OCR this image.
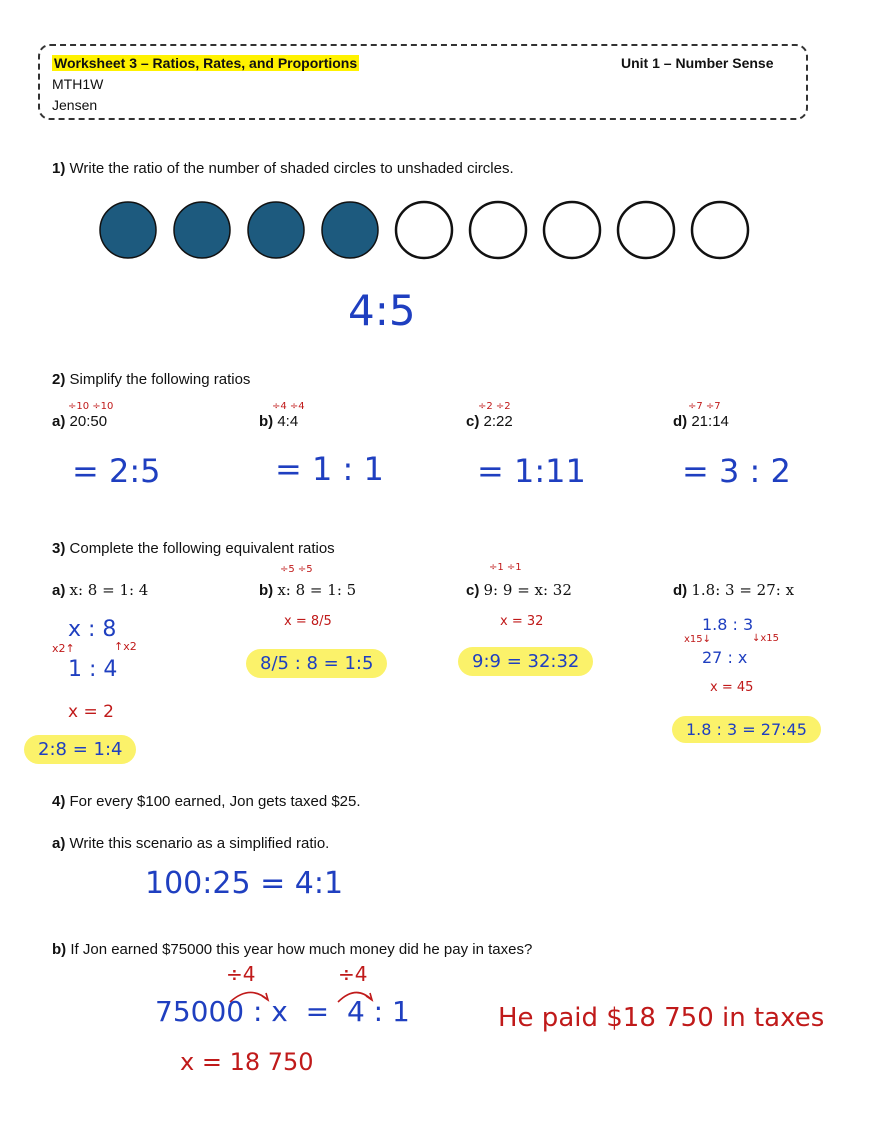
Worksheet 3 – Ratios, Rates, and Proportions
MTH1W
Jensen
Unit 1 – Number Sense
1) Write the ratio of the number of shaded circles to unshaded circles.
4:5
2) Simplify the following ratios
÷10 ÷10
a) 20:50
= 2:5
÷4 ÷4
b) 4:4
= 1 : 1
÷2 ÷2
c) 2:22
= 1:11
÷7 ÷7
d) 21:14
= 3 : 2
3) Complete the following equivalent ratios
a) x: 8 = 1: 4
÷5 ÷5
b) x: 8 = 1: 5
÷1 ÷1
c) 9: 9 = x: 32	d) 1.8: 3 = 27: x
x : 8
x2↑	↑x2
1 : 4
x = 2
2:8 = 1:4
x = 8/5
8/5 : 8 = 1:5
x = 32
9:9 = 32:32
1.8 : 3
x15↓	↓x15
27 : x
x = 45
1.8 : 3 = 27:45
4) For every $100 earned, Jon gets taxed $25.
a) Write this scenario as a simplified ratio.
100:25 = 4:1
b) If Jon earned $75000 this year how much money did he pay in taxes?
÷4	÷4
75000 : x  =  4 : 1
x = 18 750
He paid $18 750 in taxes
